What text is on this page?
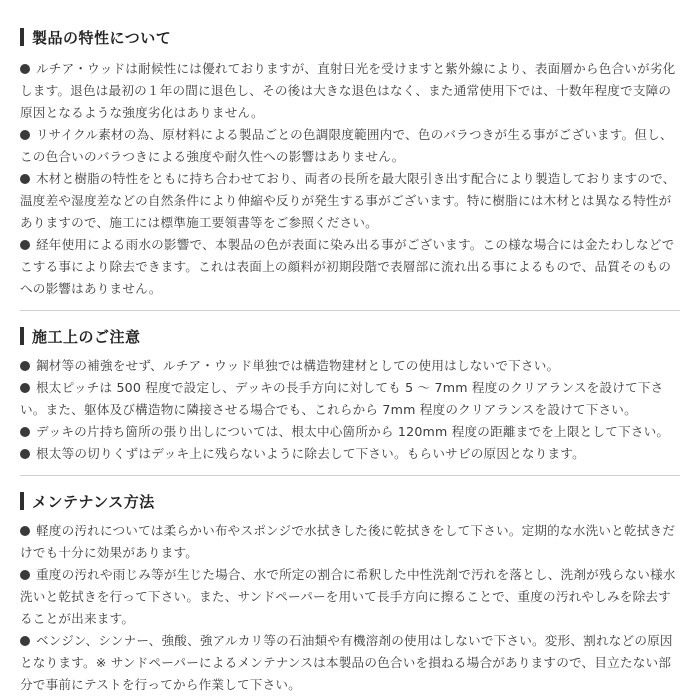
製品の特性について
ルチア・ウッドは耐候性には優れておりますが、直射日光を受けますと紫外線により、表面層から色合いが劣化します。退色は最初の１年の間に退色し、その後は大きな退色はなく、また通常使用下では、十数年程度で支障の原因となるような強度劣化はありません。
リサイクル素材の為、原材料による製品ごとの色調限度範囲内で、色のバラつきが生る事がございます。但し、この色合いのバラつきによる強度や耐久性への影響はありません。
木材と樹脂の特性をともに持ち合わせており、両者の長所を最大限引き出す配合により製造しておりますので、温度差や湿度差などの自然条件により伸縮や反りが発生する事がございます。特に樹脂には木材とは異なる特性がありますので、施工には標準施工要領書等をご参照ください。
経年使用による雨水の影響で、本製品の色が表面に染み出る事がございます。この様な場合には金たわしなどでこする事により除去できます。これは表面上の顔料が初期段階で表層部に流れ出る事によるもので、品質そのものへの影響はありません。
施工上のご注意
鋼材等の補強をせず、ルチア・ウッド単独では構造物建材としての使用はしないで下さい。
根太ピッチは 500 程度で設定し、デッキの長手方向に対しても 5 〜 7mm 程度のクリアランスを設けて下さい。また、躯体及び構造物に隣接させる場合でも、これらから 7mm 程度のクリアランスを設けて下さい。
デッキの片持ち箇所の張り出しについては、根太中心箇所から 120mm 程度の距離までを上限として下さい。
根太等の切りくずはデッキ上に残らないように除去して下さい。もらいサビの原因となります。
メンテナンス方法
軽度の汚れについては柔らかい布やスポンジで水拭きした後に乾拭きをして下さい。定期的な水洗いと乾拭きだけでも十分に効果があります。
重度の汚れや雨じみ等が生じた場合、水で所定の割合に希釈した中性洗剤で汚れを落とし、洗剤が残らない様水洗いと乾拭きを行って下さい。また、サンドペーパーを用いて長手方向に擦ることで、重度の汚れやしみを除去することが出来ます。
ベンジン、シンナー、強酸、強アルカリ等の石油類や有機溶剤の使用はしないで下さい。変形、割れなどの原因となります。※ サンドペーパーによるメンテナンスは本製品の色合いを損ねる場合がありますので、目立たない部分で事前にテストを行ってから作業して下さい。
